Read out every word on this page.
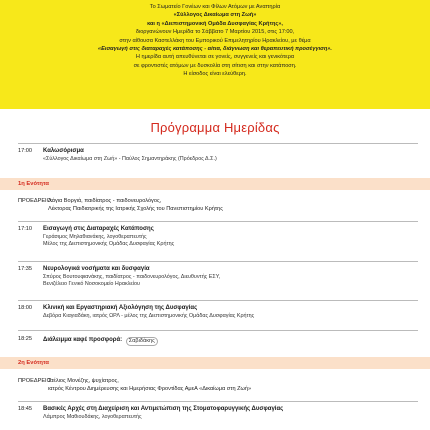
Το Σωματείο Γονέων και Φίλων Ατόμων με Αναπηρία
«Σύλλογος Δικαίωμα στη Ζωή»
και η «Διεπιστημονική Ομάδα Δυσφαγίας Κρήτης»,
διοργανώνουν Ημερίδα το Σάββατο 7 Μαρτίου 2015, στις 17:00,
στην αίθουσα Καστελλάκη του Εμπορικού Επιμελητηρίου Ηρακλείου, με θέμα
«Εισαγωγή στις διαταραχές κατάποσης - αίτια, διάγνωση και θεραπευτική προσέγγιση».
Η ημερίδα αυτή απευθύνεται σε γονείς, συγγενείς και γενικότερα
σε φροντιστές ατόμων με δυσκολία στη σίτιση και στην κατάποση.
Η είσοδος είναι ελεύθερη.
Πρόγραμμα Ημερίδας
17:00	Καλωσόρισμα
«Σύλλογος Δικαίωμα στη Ζωή» - Παύλος Σημαντηράκης (Πρόεδρος Δ.Σ.)
1η Ενότητα
ΠΡΟΕΔΡΕΙΟ:
Λάγια Βοργιά, παιδίατρος - παιδονευρολόγος,
Λέκτορας Παιδιατρικής της Ιατρικής Σχολής του Πανεπιστημίου Κρήτης
17:10	Εισαγωγή στις Διαταραχές Κατάποσης
Γεράσιμος Μηλαθιανάκης, λογοθεραπευτής
Μέλος της Διεπιστημονικής Ομάδας Δυσφαγίας Κρήτης
17:35	Νευρολογικά νοσήματα και δυσφαγία
Σπύρος Βουτουφιανάκης, παιδίατρος - παιδονευρολόγος, Διευθυντής ΕΣΥ,
Βενιζέλειο Γενικό Νοσοκομείο Ηρακλείου
18:00	Κλινική και Εργαστηριακή Αξιολόγηση της Δυσφαγίας
Δεβόρα Κιαγιαδάκη, ιατρός ΩΡΛ - μέλος της Διεπιστημονικής Ομάδας Δυσφαγίας Κρήτης
18:25	Διάλειμμα καφέ προσφορά: Σαβιδάκης
2η Ενότητα
ΠΡΟΕΔΡΕΙΟ:
Στέλιος Μονέζης, ψυχίατρος,
ιατρός Κέντρου Διημέρευσης και Ημερήσιας Φροντίδας ΑμεΑ «Δικαίωμα στη Ζωή»
18:45	Βασικές Αρχές στη Διαχείριση και Αντιμετώπιση της Στοματοφαρυγγικής Δυσφαγίας
Λάμπρος Μαθιουδάκης, λογοθεραπευτής
